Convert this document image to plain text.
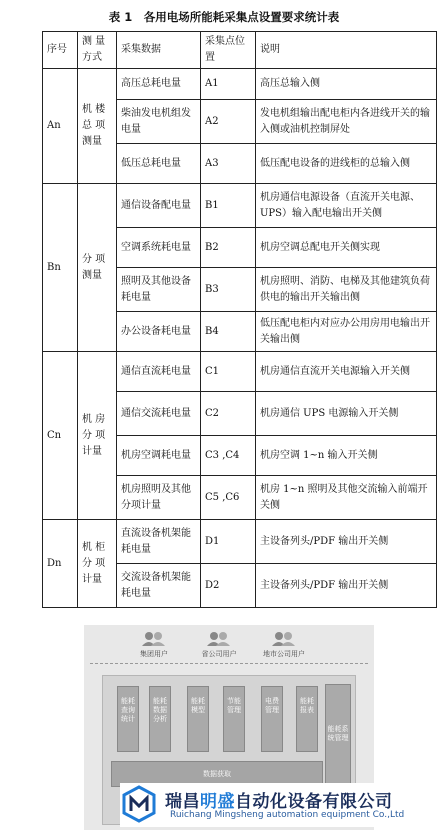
表 1　各用电场所能耗采集点设置要求统计表
序号	测 量 方式	采集数据	采集点位置	说明
An	机 楼 总 项 测量	高压总耗电量	A1	高压总输入侧
		柴油发电机组发电量	A2	发电机组输出配电柜内各进线开关的输入侧或油机控制屏处
		低压总耗电量	A3	低压配电设备的进线柜的总输入侧
Bn	分 项 测量	通信设备配电量	B1	机房通信电源设备（直流开关电源、UPS）输入配电输出开关侧
		空调系统耗电量	B2	机房空调总配电开关侧实现
		照明及其他设备耗电量	B3	机房照明、消防、电梯及其他建筑负荷供电的输出开关输出侧
		办公设备耗电量	B4	低压配电柜内对应办公用房用电输出开关输出侧
Cn	机 房 分 项 计量	通信直流耗电量	C1	机房通信直流开关电源输入开关侧
		通信交流耗电量	C2	机房通信 UPS 电源输入开关侧
		机房空调耗电量	C3 ,C4	机房空调 1~n 输入开关侧
		机房照明及其他分项计量	C5 ,C6	机房 1~n 照明及其他交流输入前端开关侧
Dn	机 柜 分 项 计量	直流设备机架能耗电量	D1	主设备列头/PDF 输出开关侧
		交流设备机架能耗电量	D2	主设备列头/PDF 输出开关侧
集团用户	省公司用户	地市公司用户
能耗查询统计
能耗数据分析
能耗模型
节能管理
电费管理
能耗报表
能耗系统管理
数据获取
瑞昌明盛自动化设备有限公司
Ruichang Mingsheng automation equipment Co.,Ltd
